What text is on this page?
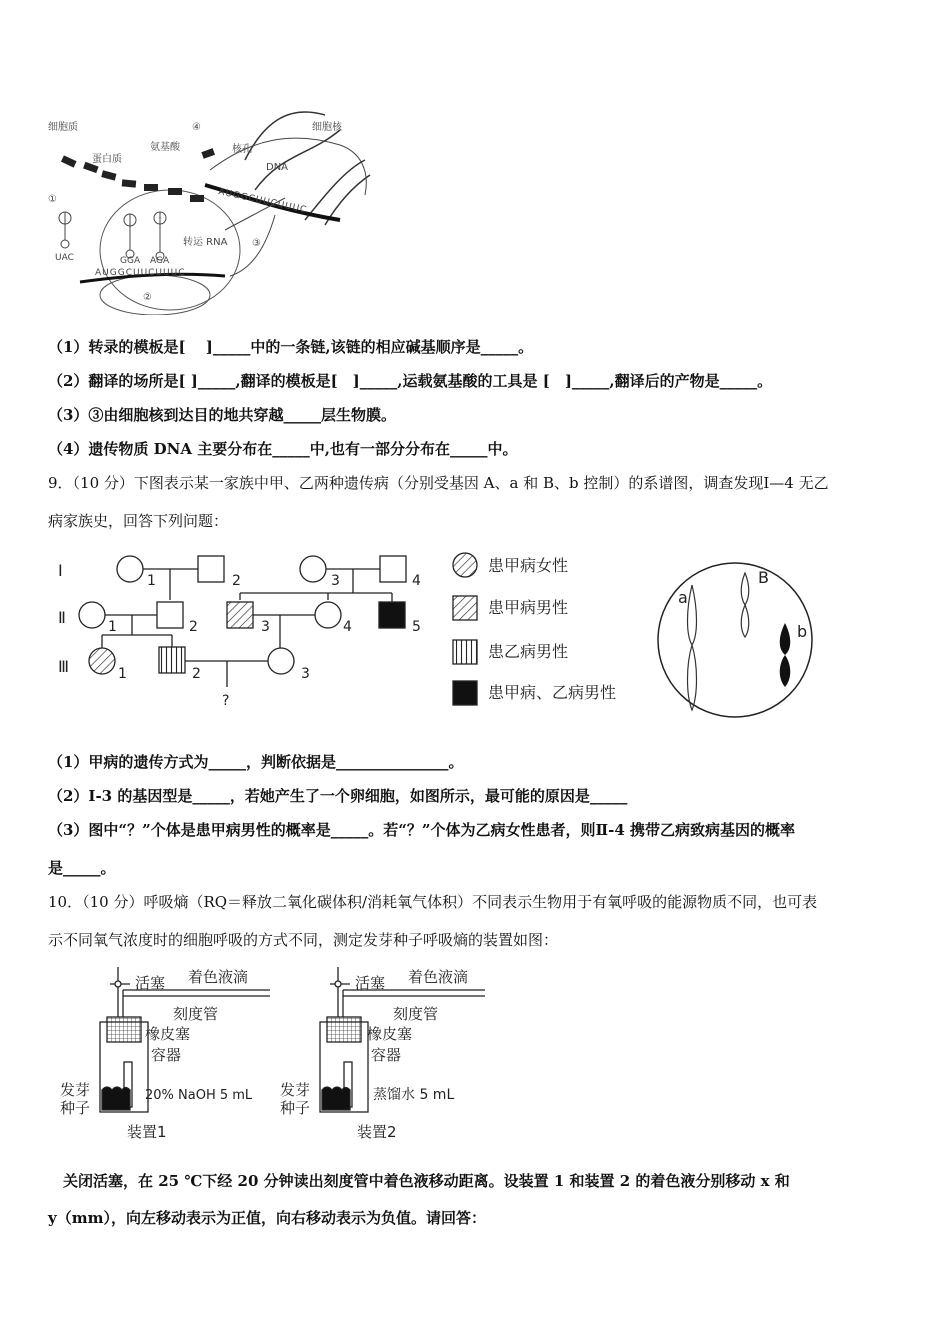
细胞质
蛋白质
氨基酸
细胞核
核孔
DNA
转运 RNA
④
①
②
③
UAC	GGA AGA
AUGGCUUCUUUC
AUGGCUUCUUUC
（1）转录的模板是[　 ]_____中的一条链,该链的相应碱基顺序是_____。
（2）翻译的场所是[ ]_____,翻译的模板是[　]_____,运载氨基酸的工具是 [　]_____,翻译后的产物是_____。
（3）③由细胞核到达目的地共穿越_____层生物膜。
（4）遗传物质 DNA 主要分布在_____中,也有一部分分布在_____中。
9．（10 分）下图表示某一家族中甲、乙两种遗传病（分别受基因 A、a 和 B、b 控制）的系谱图，调查发现Ⅰ—4 无乙
病家族史，回答下列问题：
Ⅰ
Ⅱ
Ⅲ
1	2	3	4
1	2	3	4	5
1	2	3
?
患甲病女性
患甲病男性
患乙病男性
患甲病、乙病男性
a
B
b
（1）甲病的遗传方式为_____，判断依据是_______________。
（2）Ⅰ-3 的基因型是_____，若她产生了一个卵细胞，如图所示，最可能的原因是_____
（3）图中“？”个体是患甲病男性的概率是_____。若“？”个体为乙病女性患者，则Ⅱ-4 携带乙病致病基因的概率
是_____。
10．（10 分）呼吸熵（RQ＝释放二氧化碳体积/消耗氧气体积）不同表示生物用于有氧呼吸的能源物质不同，也可表
示不同氧气浓度时的细胞呼吸的方式不同，测定发芽种子呼吸熵的装置如图：
活塞 着色液滴
刻度管
橡皮塞
容器
发芽
种子
20% NaOH 5 mL
装置1
活塞 着色液滴
刻度管
橡皮塞
容器
发芽
种子
蒸馏水 5 mL
装置2
　关闭活塞，在 25 ℃下经 20 分钟读出刻度管中着色液移动距离。设装置 1 和装置 2 的着色液分别移动 x 和
y（mm），向左移动表示为正值，向右移动表示为负值。请回答：
